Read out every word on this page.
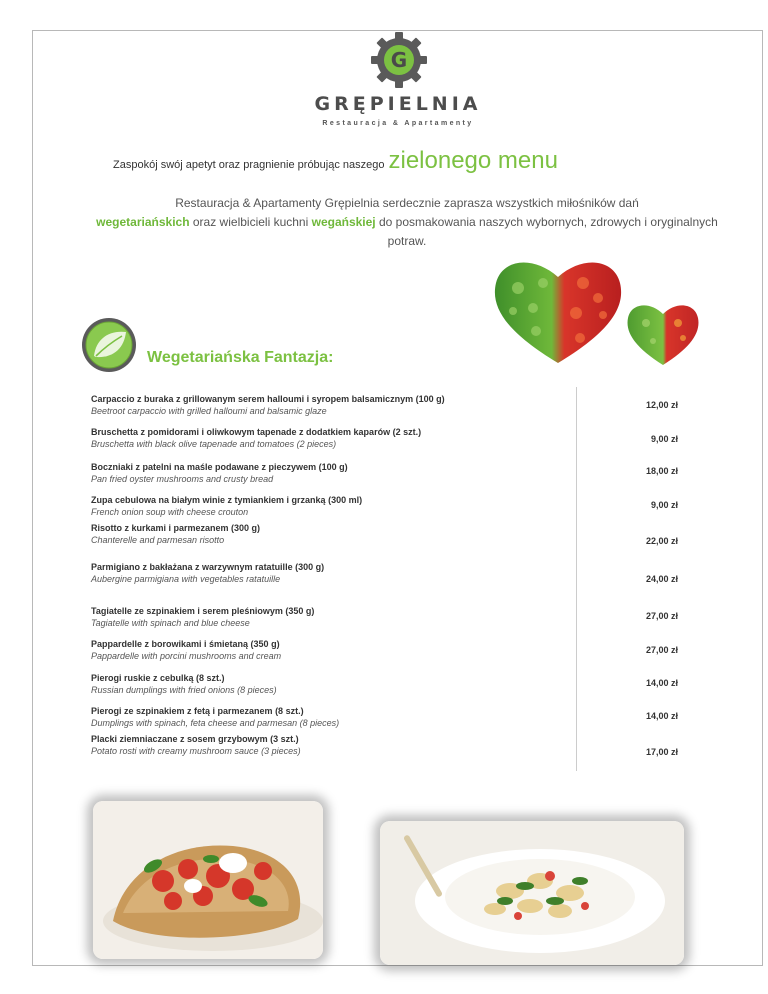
G
GRĘPIELNIA
Restauracja & Apartamenty
Zaspokój swój apetyt oraz pragnienie próbując naszego zielonego menu
Restauracja & Apartamenty Grępielnia serdecznie zaprasza wszystkich miłośników dań
wegetariańskich oraz wielbicieli kuchni wegańskiej do posmakowania naszych wybornych, zdrowych i oryginalnych potraw.
Wegetariańska Fantazja:
Carpaccio z buraka z grillowanym serem halloumi i syropem balsamicznym (100 g)
Beetroot carpaccio with grilled halloumi and balsamic glaze
12,00 zł
Bruschetta z pomidorami i oliwkowym tapenade z dodatkiem kaparów (2 szt.)
Bruschetta with black olive tapenade and tomatoes (2 pieces)	9,00 zł
Boczniaki z patelni na maśle podawane z pieczywem (100 g)
Pan fried oyster mushrooms and crusty bread
18,00 zł
Zupa cebulowa na białym winie z tymiankiem i grzanką (300 ml)
French onion soup with cheese crouton
9,00 zł
Risotto z kurkami i parmezanem (300 g)
Chanterelle and parmesan risotto	22,00 zł
Parmigiano z bakłażana z warzywnym ratatuille (300 g)
Aubergine parmigiana with vegetables ratatuille	24,00 zł
Tagiatelle ze szpinakiem i serem pleśniowym (350 g)
Tagiatelle with spinach and blue cheese
27,00 zł
Pappardelle z borowikami i śmietaną (350 g)
Pappardelle with porcini mushrooms and cream
27,00 zł
Pierogi ruskie z cebulką (8 szt.)
Russian dumplings with fried onions (8 pieces)
14,00 zł
Pierogi ze szpinakiem z fetą i parmezanem (8 szt.)
Dumplings with spinach, feta cheese and parmesan (8 pieces)
14,00 zł
Placki ziemniaczane z sosem grzybowym (3 szt.)
Potato rosti with creamy mushroom sauce (3 pieces)	17,00 zł
